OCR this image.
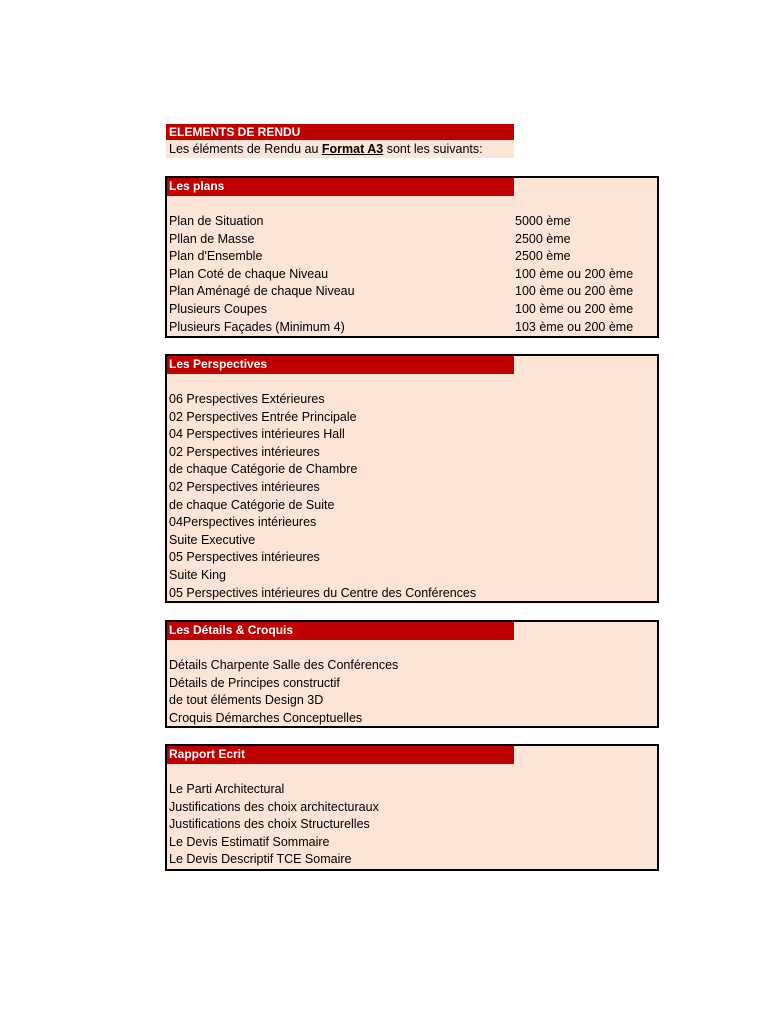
ELEMENTS DE RENDU
Les éléments de Rendu au Format A3 sont les suivants:
Les plans
Plan de Situation	5000 ème
Pllan de Masse	2500 ème
Plan d'Ensemble	2500 ème
Plan Coté de chaque Niveau	100 ème ou 200 ème
Plan Aménagé de chaque Niveau	100 ème ou 200 ème
Plusieurs Coupes	100 ème ou 200 ème
Plusieurs Façades (Minimum 4)	103 ème ou 200 ème
Les Perspectives
06 Prespectives Extérieures
02 Perspectives Entrée Principale
04 Perspectives intérieures Hall
02 Perspectives intérieures
de chaque Catégorie de Chambre
02 Perspectives intérieures
de chaque Catégorie de Suite
04Perspectives intérieures
Suite Executive
05 Perspectives intérieures
Suite King
05 Perspectives intérieures du Centre des Conférences
Les Détails & Croquis
Détails Charpente Salle des Conférences
Détails de Principes constructif
de tout éléments Design 3D
Croquis Démarches Conceptuelles
Rapport Ecrit
Le Parti Architectural
Justifications des choix architecturaux
Justifications des choix Structurelles
Le Devis Estimatif Sommaire
Le Devis Descriptif TCE Somaire
